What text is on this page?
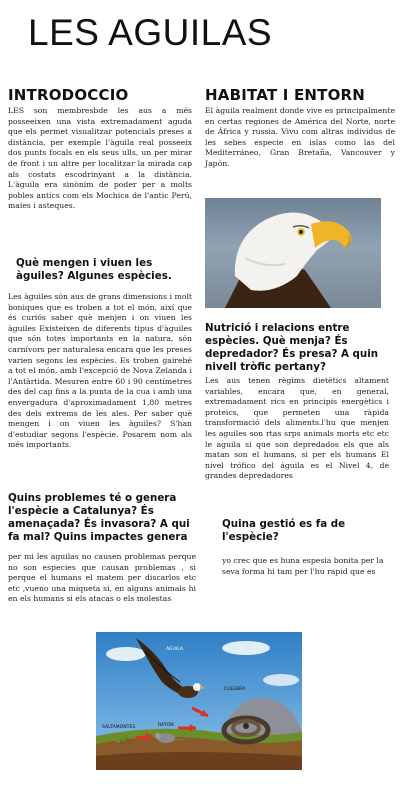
LES AGUILAS
INTRODOCCIO
LES son membresbde les aus a més posseeixen una vista extremadament aguda que els permet visualitzar potencials preses a distància, per exemple l'àguila real posseeix dos punts focals en els seus ulls, un per mirar de front i un altre per localitzar la mirada cap als costats escodrinyant a la distància. L'àguila era sinònim de poder per a molts pobles antics com els Mochica de l'antic Perú, maies i asteques.
HABITAT I ENTORN
El àguila realment donde vive es principalmente en certas regiones de América del Norte, norte de África y russia. Vivu com altras individus de les sebes especie en islas como las del Mediterráneo, Gran Bretaña, Vancouver y Japón.
Què mengen i viuen les àguiles? Algunes espècies.
Les àguiles són aus de grans dimensions i molt boniques que es troben a tot el món, així que és curiós saber què menjen i on viuen les àguiles Existeixen de diferents tipus d'àguiles que són totes importants en la natura, són carnívors per naturalesa encara que les preses varien segons les espècies. Es troben gairebé a tot el món, amb l'excepció de Nova Zelanda i l'Antàrtida. Mesuren entre 60 i 90 centímetres des del cap fins a la punta de la cua i amb una envergadura d'aproximadament 1,80 metres des dels extrems de les ales. Per saber què mengen i on viuen les àguiles? S'han d'estudiar segons l'espècie. Posarem nom als més importants.
Nutrició i relacions entre espècies. Què menja? És depredador? És presa? A quin nivell tròfic pertany?
Les aus tenen règims dietètics altament variables, encara que, en general, extremadament rics en principis energètics i proteics, que permeten una ràpida transformació dels aliments.l'hu que menjen les aguiles son rtas srps animals morts etc etc le aguila si que son depredados els que als matan son el humans, si per els humans El nivel trófico del águila es el Nivel 4, de grandes depredadores
Quins problemes té o genera l'espècie a Catalunya? És amenaçada? És invasora? A qui fa mal? Quins impactes genera
per mi les aguilas no causen problemas perque no son especies que causan problemas , si perque el humans el matem per discarlos etc etc ,vueno una miqueta si, en alguns animals hi en els humans si els atacas o els molestas
Quina gestió es fa de l'espècie?
yo crec que es huna espesia bonita per la seva forma hi tam per l'hu rapid que es
AGUILA
CULEBRA
SALTAMONTES	RATON
